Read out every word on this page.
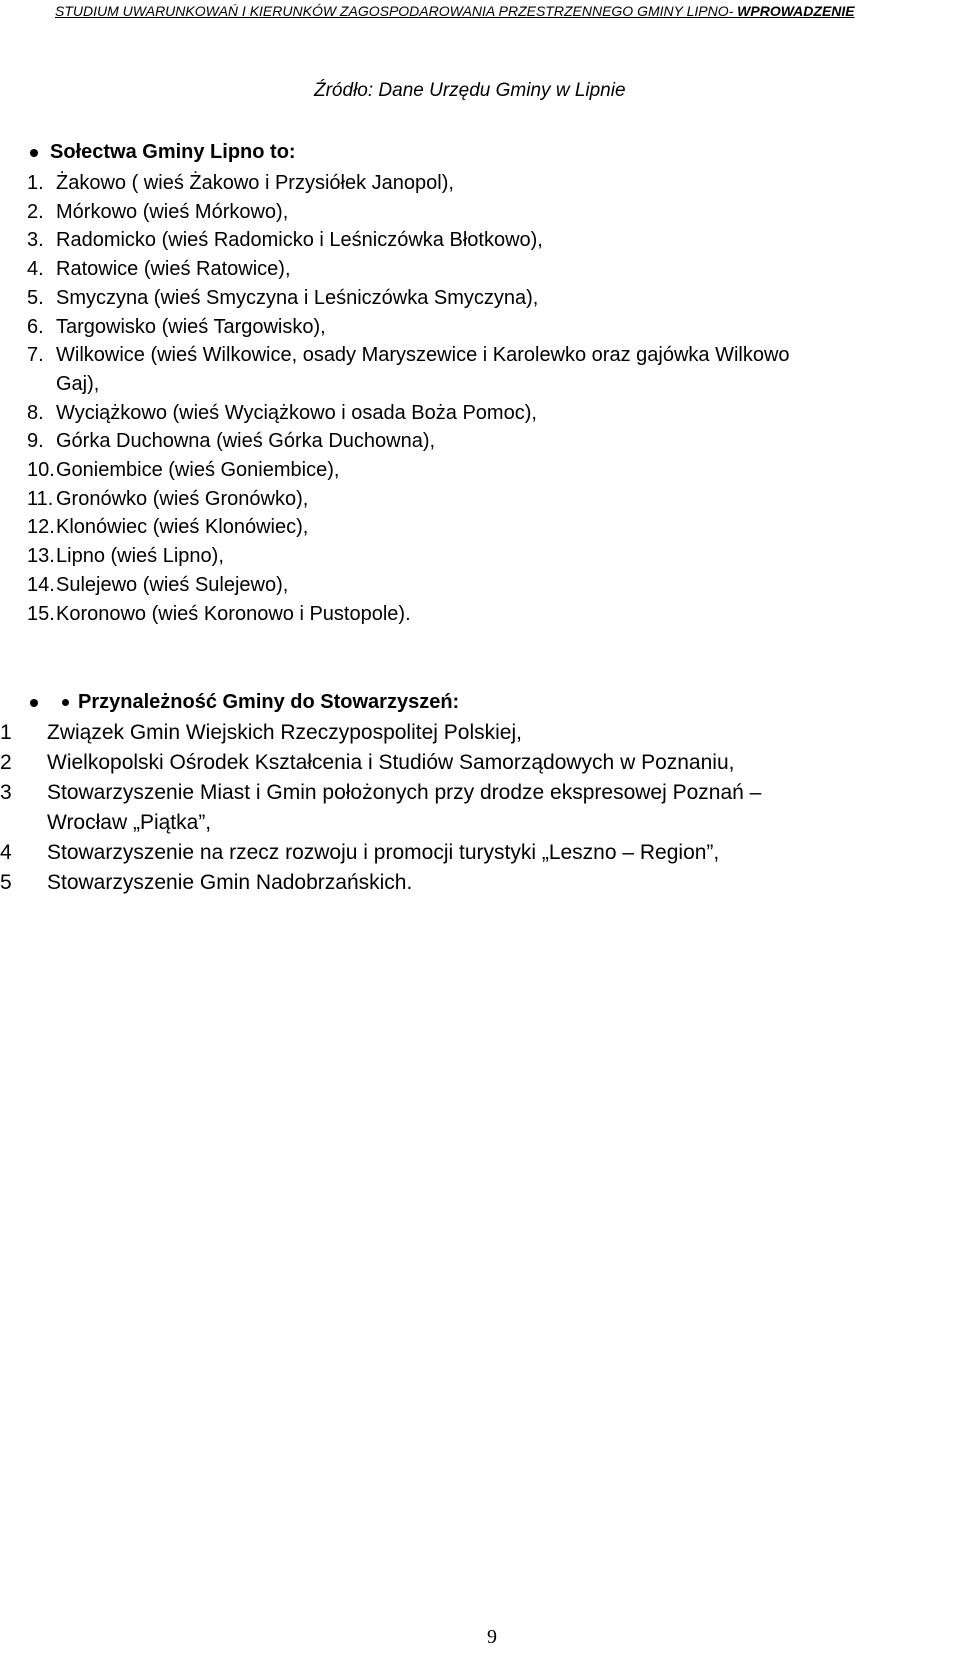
STUDIUM UWARUNKOWAŃ I KIERUNKÓW ZAGOSPODAROWANIA PRZESTRZENNEGO GMINY LIPNO- WPROWADZENIE
Źródło: Dane Urzędu Gminy w Lipnie
Sołectwa Gminy Lipno to:
1. Żakowo ( wieś Żakowo i Przysiółek Janopol),
2. Mórkowo (wieś Mórkowo),
3. Radomicko (wieś Radomicko i Leśniczówka Błotkowo),
4. Ratowice (wieś Ratowice),
5. Smyczyna (wieś Smyczyna i Leśniczówka Smyczyna),
6. Targowisko (wieś Targowisko),
7. Wilkowice (wieś Wilkowice, osady Maryszewice i Karolewko oraz gajówka Wilkowo
Gaj),
8. Wyciążkowo (wieś Wyciążkowo i osada Boża Pomoc),
9. Górka Duchowna (wieś Górka Duchowna),
10.Goniembice (wieś Goniembice),
11. Gronówko (wieś Gronówko),
12.Klonówiec (wieś Klonówiec),
13.Lipno (wieś Lipno),
14.Sulejewo (wieś Sulejewo),
15.Koronowo (wieś Koronowo i Pustopole).
Przynależność Gminy do Stowarzyszeń:
1 Związek Gmin Wiejskich Rzeczypospolitej Polskiej,
2 Wielkopolski Ośrodek Kształcenia i Studiów Samorządowych w Poznaniu,
3 Stowarzyszenie Miast i Gmin położonych przy drodze ekspresowej Poznań –
Wrocław „Piątka”,
4 Stowarzyszenie na rzecz rozwoju i promocji turystyki „Leszno – Region”,
5 Stowarzyszenie Gmin Nadobrzańskich.
9
